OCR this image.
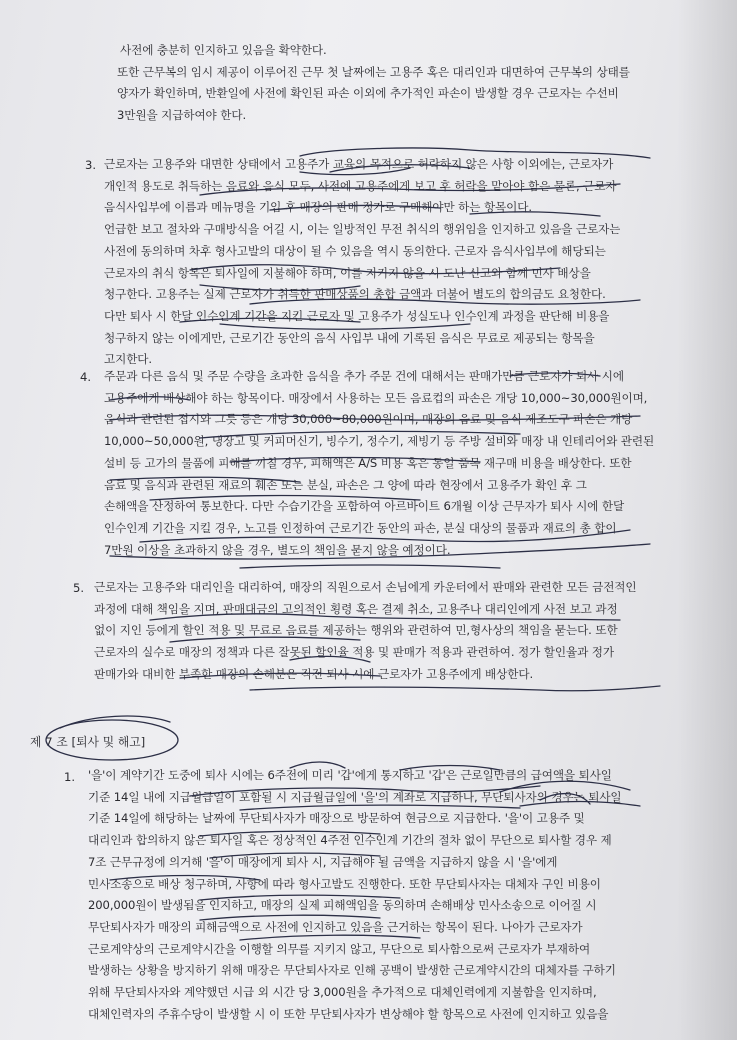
사전에 충분히 인지하고 있음을 확약한다.
또한 근무복의 임시 제공이 이루어진 근무 첫 날짜에는 고용주 혹은 대리인과 대면하여 근무복의 상태를
양자가 확인하며, 반환일에 사전에 확인된 파손 이외에 추가적인 파손이 발생할 경우 근로자는 수선비
3만원을 지급하여야 한다.
3. 근로자는 고용주와 대면한 상태에서 고용주가 교육의 목적으로 허락하지 않은 사항 이외에는, 근로자가
개인적 용도로 취득하는 음료와 음식 모두, 사전에 고용주에게 보고 후 허락을 맡아야 함은 물론, 근로자
음식사입부에 이름과 메뉴명을 기입 후 매장의 판매 정가로 구매해야만 하는 항목이다.
언급한 보고 절차와 구매방식을 어길 시, 이는 일방적인 무전 취식의 행위임을 인지하고 있음을 근로자는
사전에 동의하며 차후 형사고발의 대상이 될 수 있음을 역시 동의한다. 근로자 음식사입부에 해당되는
근로자의 취식 항목은 퇴사일에 지불해야 하며, 이를 지키지 않을 시 도난 신고와 함께 민사 배상을
청구한다. 고용주는 실제 근로자가 취득한 판매상품의 총합 금액과 더불어 별도의 합의금도 요청한다.
다만 퇴사 시 한달 인수인계 기간을 지킨 근로자 및 고용주가 성실도나 인수인계 과정을 판단해 비용을
청구하지 않는 이에게만, 근로기간 동안의 음식 사입부 내에 기록된 음식은 무료로 제공되는 항목을
고지한다.
4. 주문과 다른 음식 및 주문 수량을 초과한 음식을 추가 주문 건에 대해서는 판매가만큼 근로자가 퇴사 시에
고용주에게 배상해야 하는 항목이다. 매장에서 사용하는 모든 음료컵의 파손은 개당 10,000~30,000원이며,
음식과 관련된 접시와 그릇 등은 개당 30,000~80,000원이며, 매장의 음료 및 음식 제조도구 파손은 개당
10,000~50,000원, 냉장고 및 커피머신기, 빙수기, 정수기, 제빙기 등 주방 설비와 매장 내 인테리어와 관련된
설비 등 고가의 물품에 피해를 끼칠 경우, 피해액은 A/S 비용 혹은 동일 품목 재구매 비용을 배상한다. 또한
음료 및 음식과 관련된 재료의 훼손 또는 분실, 파손은 그 양에 따라 현장에서 고용주가 확인 후 그
손해액을 산정하여 통보한다. 다만 수습기간을 포함하여 아르바이트 6개월 이상 근무자가 퇴사 시에 한달
인수인계 기간을 지킬 경우, 노고를 인정하여 근로기간 동안의 파손, 분실 대상의 물품과 재료의 총 합이
7만원 이상을 초과하지 않을 경우, 별도의 책임을 묻지 않을 예정이다.
5. 근로자는 고용주와 대리인을 대리하여, 매장의 직원으로서 손님에게 카운터에서 판매와 관련한 모든 금전적인
과정에 대해 책임을 지며, 판매대금의 고의적인 횡령 혹은 결제 취소, 고용주나 대리인에게 사전 보고 과정
없이 지인 등에게 할인 적용 및 무료로 음료를 제공하는 행위와 관련하여 민,형사상의 책임을 묻는다. 또한
근로자의 실수로 매장의 정책과 다른 잘못된 할인율 적용 및 판매가 적용과 관련하여. 정가 할인율과 정가
판매가와 대비한 부족한 매장의 손해분은 직전 퇴사 시에 근로자가 고용주에게 배상한다.
제 7 조 [퇴사 및 해고]
1. '을'이 계약기간 도중에 퇴사 시에는 6주전에 미리 '갑'에게 통지하고 '갑'은 근로일만큼의 급여액을 퇴사일
기준 14일 내에 지급월급일이 포함될 시 지급월급일에 '을'의 계좌로 지급하나, 무단퇴사자의 경우는 퇴사일
기준 14일에 해당하는 날짜에 무단퇴사자가 매장으로 방문하여 현금으로 지급한다. '을'이 고용주 및
대리인과 합의하지 않은 퇴사일 혹은 정상적인 4주전 인수인계 기간의 절차 없이 무단으로 퇴사할 경우 제
7조 근무규정에 의거해 '을'이 매장에게 퇴사 시, 지급해야 될 금액을 지급하지 않을 시 '을'에게
민사소송으로 배상 청구하며, 사항에 따라 형사고발도 진행한다. 또한 무단퇴사자는 대체자 구인 비용이
200,000원이 발생됨을 인지하고, 매장의 실제 피해액임을 동의하며 손해배상 민사소송으로 이어질 시
무단퇴사자가 매장의 피해금액으로 사전에 인지하고 있음을 근거하는 항목이 된다. 나아가 근로자가
근로계약상의 근로계약시간을 이행할 의무를 지키지 않고, 무단으로 퇴사함으로써 근로자가 부재하여
발생하는 상황을 방지하기 위해 매장은 무단퇴사자로 인해 공백이 발생한 근로계약시간의 대체자를 구하기
위해 무단퇴사자와 계약했던 시급 외 시간 당 3,000원을 추가적으로 대체인력에게 지불함을 인지하며,
대체인력자의 주휴수당이 발생할 시 이 또한 무단퇴사자가 변상해야 할 항목으로 사전에 인지하고 있음을
